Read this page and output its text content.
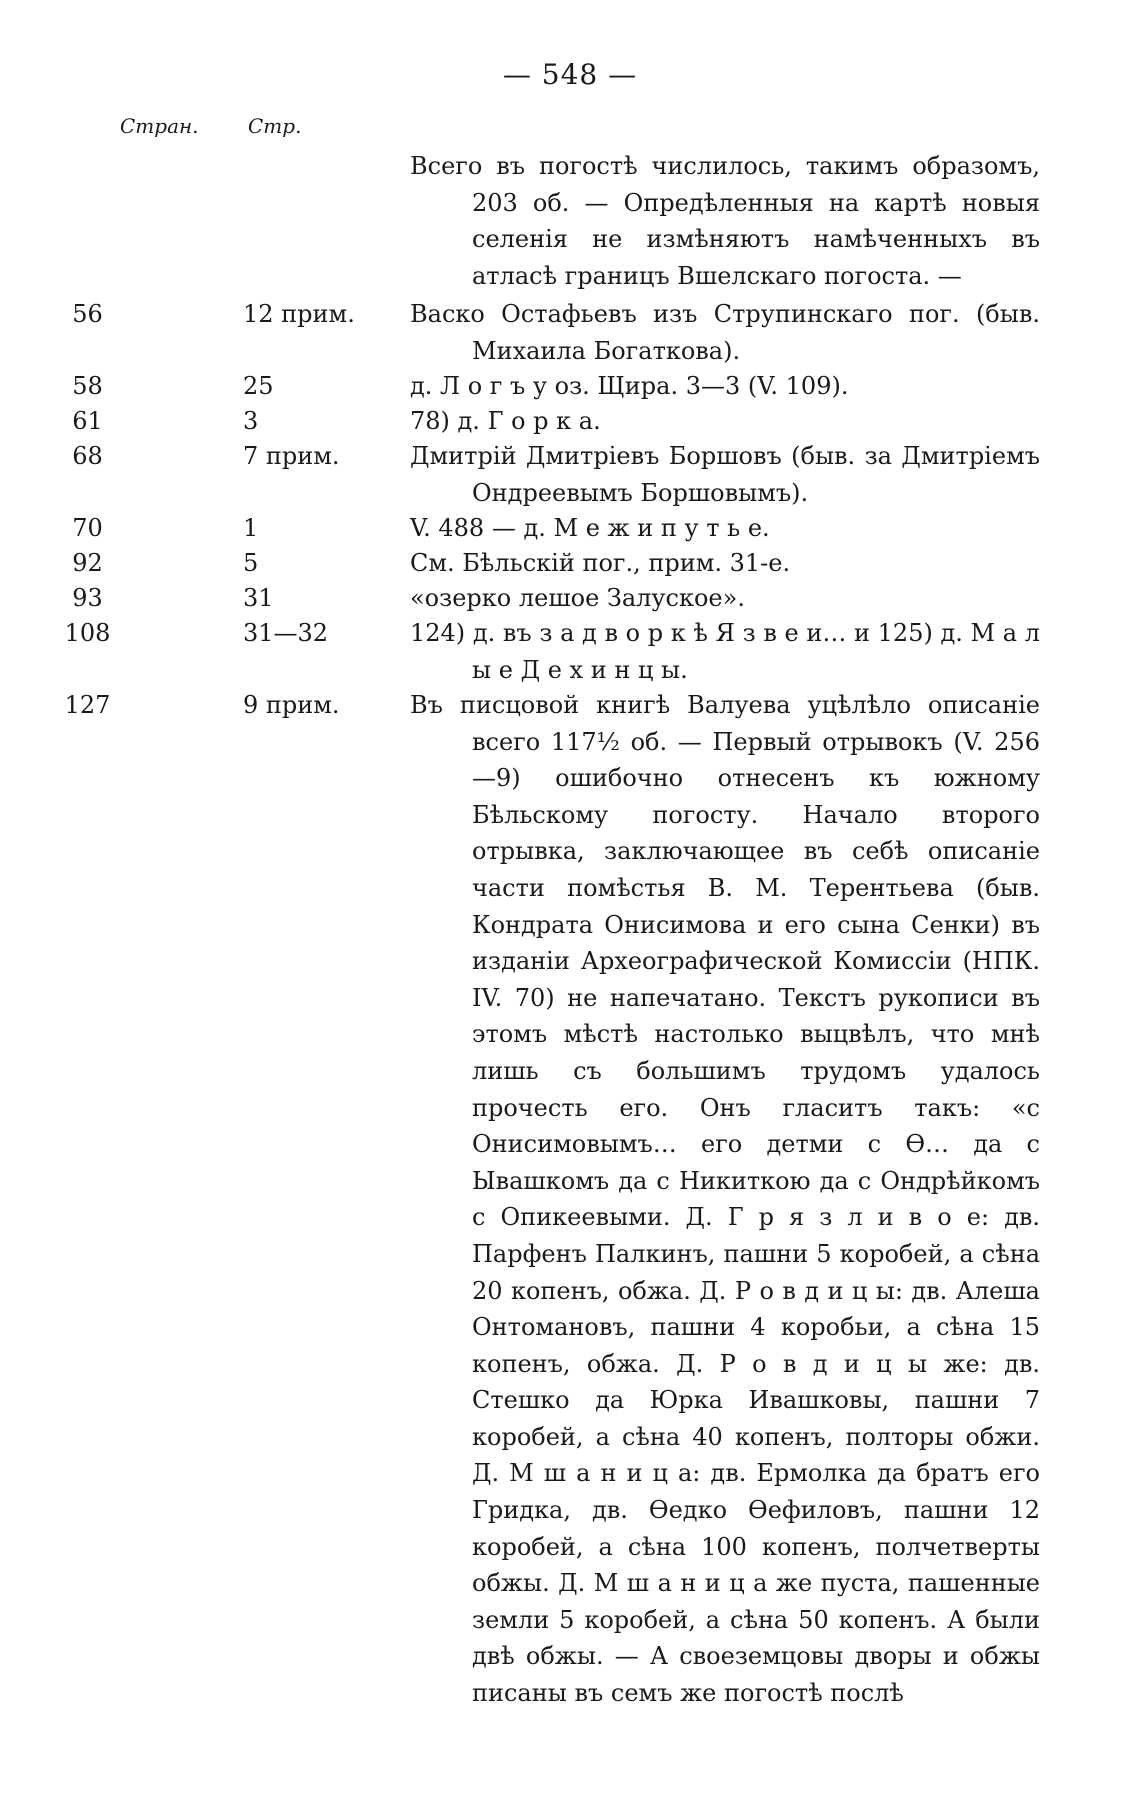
— 548 —
Стран. Стр.

Всего въ погостѣ числилось, такимъ образомъ, 203 об. — Опредѣленныя на картѣ новыя селенія не измѣняютъ намѣченныхъ въ атласѣ границъ Вшелскаго погоста. —

56	12 прим.	Васко Остафьевъ изъ Струпинскаго пог. (быв. Михаила Богаткова).

58	25	д. Л о г ъ у оз. Щира. 3—3 (V. 109).

61	3	78) д. Г о р к а.

68	7 прим.	Дмитрій Дмитріевъ Боршовъ (быв. за Дмитріемъ Ондреевымъ Боршовымъ).

70	1	V. 488 — д. М е ж и п у т ь е.

92	5	См. Бѣльскій пог., прим. 31-е.

93	31	«озерко лешое Залуское».

108	31—32	124) д. въ з а д в о р к ѣ Я з в е и… и 125) д. М а л ы е Д е х и н ц ы.

127	9 прим.	Въ писцовой книгѣ Валуева уцѣлѣло описаніе всего 117½ об. — Первый отрывокъ (V. 256—9) ошибочно отнесенъ къ южному Бѣльскому погосту. Начало второго отрывка, заключающее въ себѣ описаніе части помѣстья В. М. Терентьева (быв. Кондрата Онисимова и его сына Сенки) въ изданіи Археографической Комиссіи (НПК. IV. 70) не напечатано. Текстъ рукописи въ этомъ мѣстѣ настолько выцвѣлъ, что мнѣ лишь съ большимъ трудомъ удалось прочесть его. Онъ гласитъ такъ: «с Онисимовымъ… его детми с Ѳ… да с Ывашкомъ да с Никиткою да с Ондрѣйкомъ с Опикеевыми. Д. Г р я з л и в о е: дв. Парфенъ Палкинъ, пашни 5 коробей, а сѣна 20 копенъ, обжа. Д. Р о в д и ц ы: дв. Алеша Онтомановъ, пашни 4 коробьи, а сѣна 15 копенъ, обжа. Д. Р о в д и ц ы же: дв. Стешко да Юрка Ивашковы, пашни 7 коробей, а сѣна 40 копенъ, полторы обжи. Д. М ш а н и ц а: дв. Ермолка да братъ его Гридка, дв. Ѳедко Ѳефиловъ, пашни 12 коробей, а сѣна 100 копенъ, полчетверты обжы. Д. М ш а н и ц а же пуста, пашенные земли 5 коробей, а сѣна 50 копенъ. А были двѣ обжы. — А своеземцовы дворы и обжы писаны въ семъ же погостѣ послѣ
